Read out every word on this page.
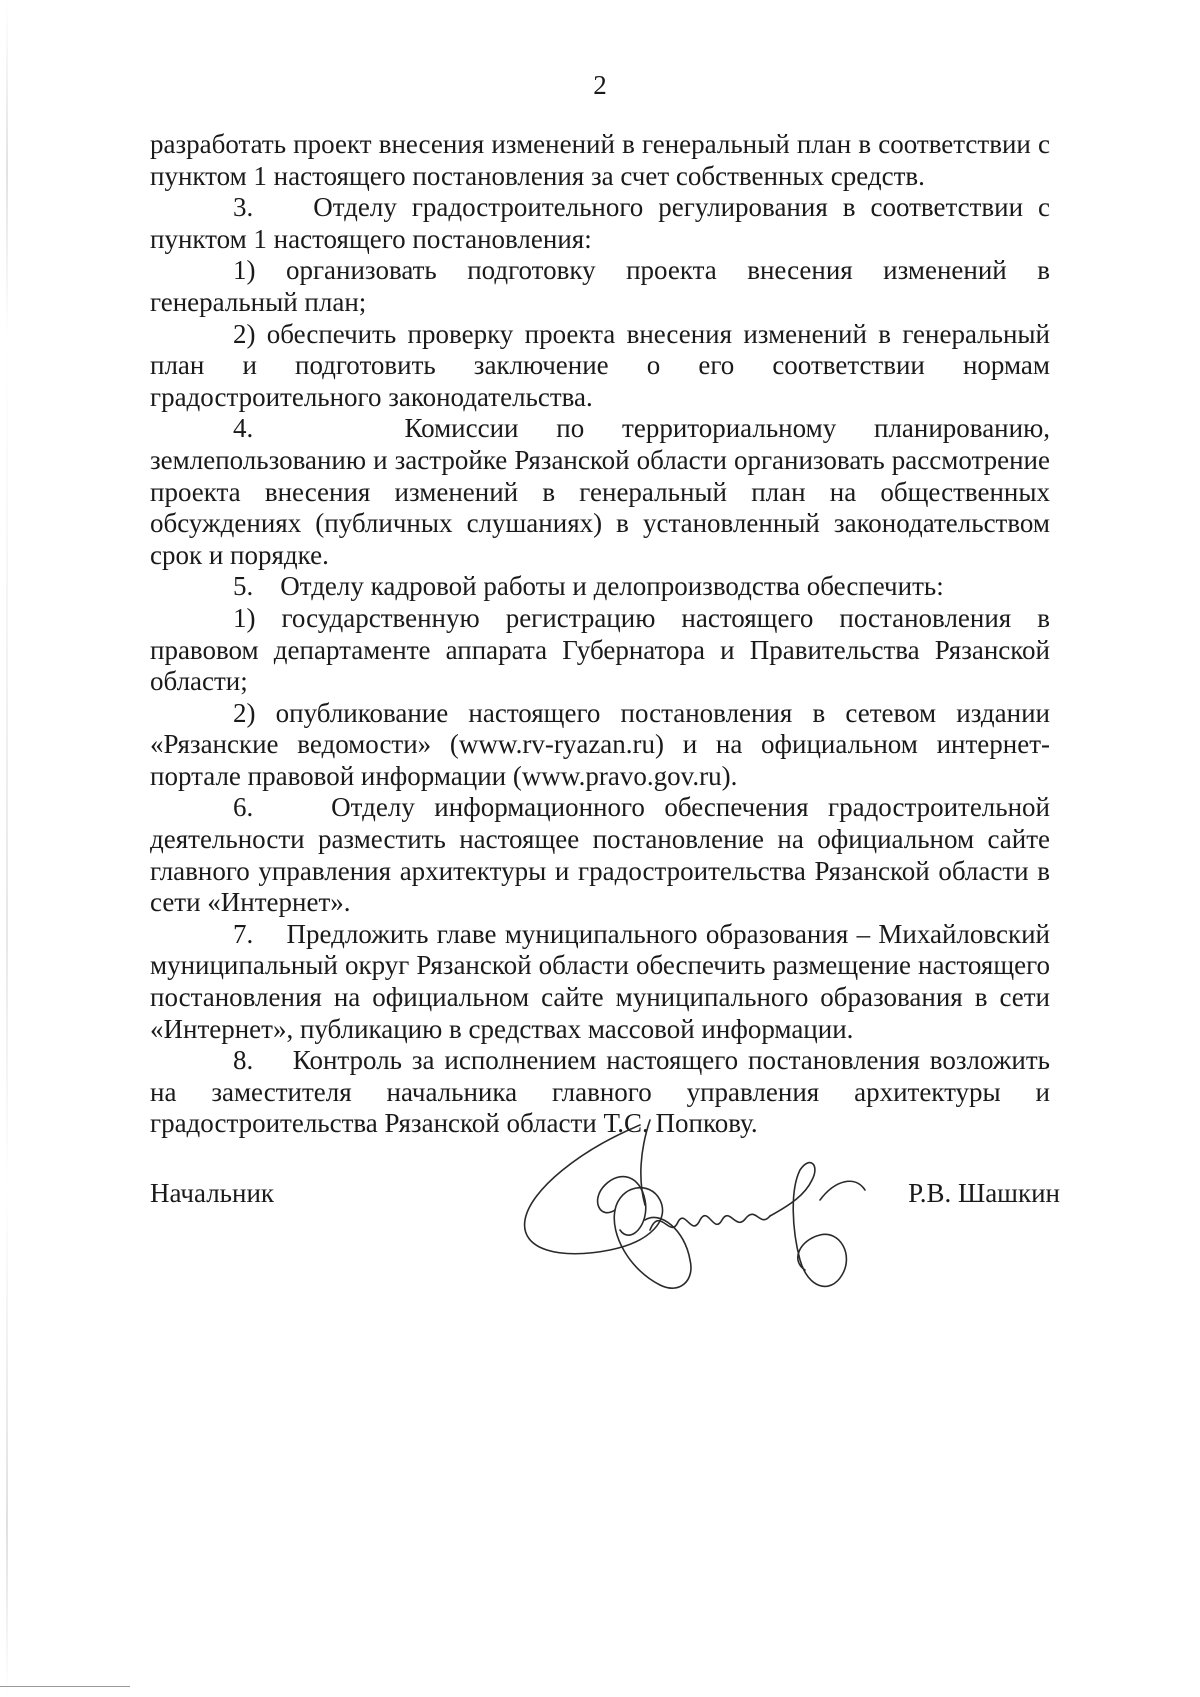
2

разработать проект внесения изменений в генеральный план в соответствии с пунктом 1 настоящего постановления за счет собственных средств.

3.    Отделу градостроительного регулирования в соответствии с пунктом 1 настоящего постановления:

1) организовать подготовку проекта внесения изменений в генеральный план;

2) обеспечить проверку проекта внесения изменений в генеральный план и подготовить заключение о его соответствии нормам градостроительного законодательства.

4.    Комиссии по территориальному планированию, землепользованию и застройке Рязанской области организовать рассмотрение проекта внесения изменений в генеральный план на общественных обсуждениях (публичных слушаниях) в установленный законодательством срок и порядке.

5.    Отделу кадровой работы и делопроизводства обеспечить:

1) государственную регистрацию настоящего постановления в правовом департаменте аппарата Губернатора и Правительства Рязанской области;

2) опубликование настоящего постановления в сетевом издании «Рязанские ведомости» (www.rv-ryazan.ru) и на официальном интернет-портале правовой информации (www.pravo.gov.ru).

6.    Отделу информационного обеспечения градостроительной деятельности разместить настоящее постановление на официальном сайте главного управления архитектуры и градостроительства Рязанской области в сети «Интернет».

7.    Предложить главе муниципального образования – Михайловский муниципальный округ Рязанской области обеспечить размещение настоящего постановления на официальном сайте муниципального образования в сети «Интернет», публикацию в средствах массовой информации.

8.    Контроль за исполнением настоящего постановления возложить на заместителя начальника главного управления архитектуры и градостроительства Рязанской области Т.С. Попкову.

Начальник	Р.В. Шашкин
